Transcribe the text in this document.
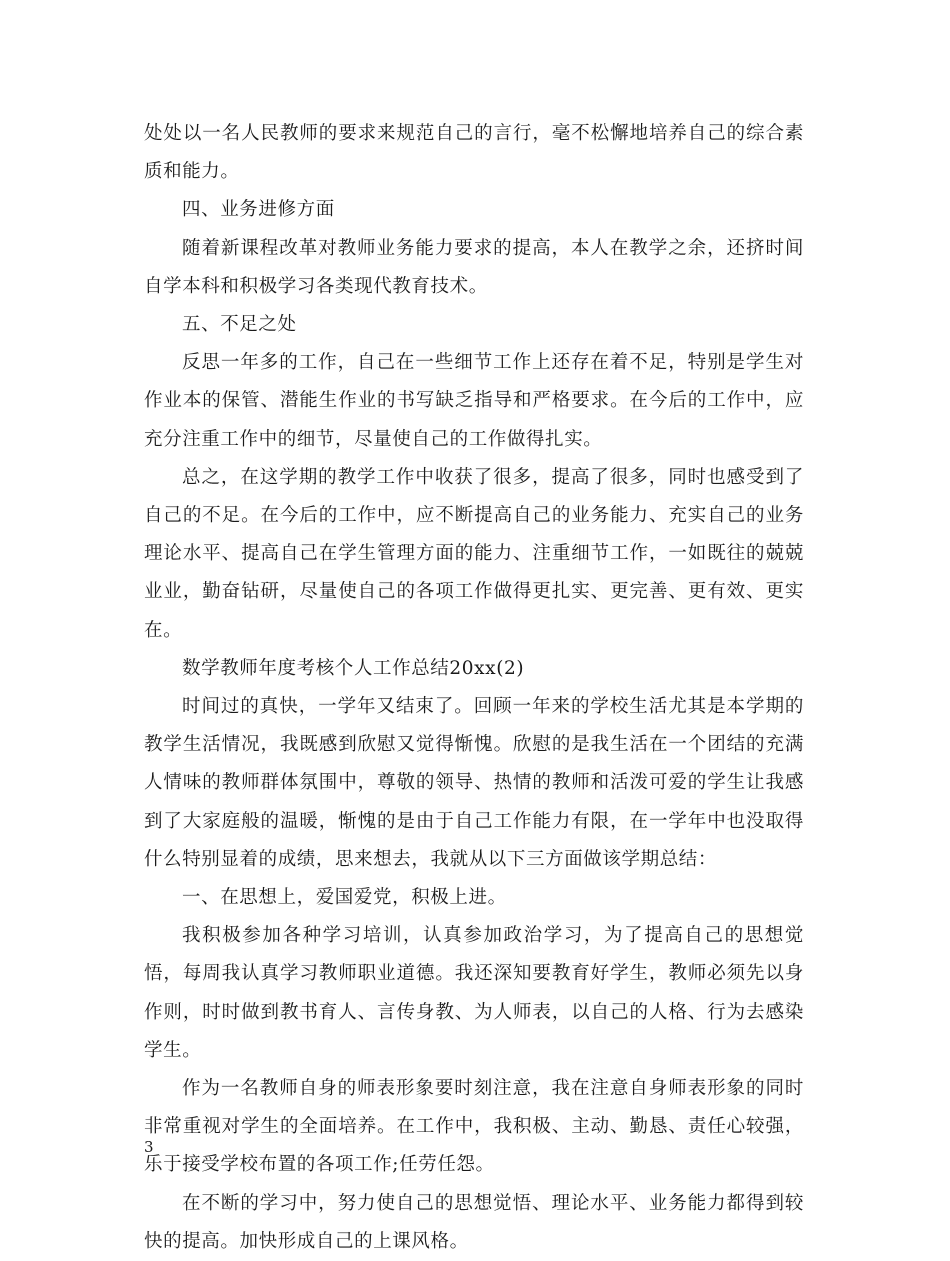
处处以一名人民教师的要求来规范自己的言行，毫不松懈地培养自己的综合素质和能力。

四、业务进修方面

随着新课程改革对教师业务能力要求的提高，本人在教学之余，还挤时间自学本科和积极学习各类现代教育技术。

五、不足之处

反思一年多的工作，自己在一些细节工作上还存在着不足，特别是学生对作业本的保管、潜能生作业的书写缺乏指导和严格要求。在今后的工作中，应充分注重工作中的细节，尽量使自己的工作做得扎实。

总之，在这学期的教学工作中收获了很多，提高了很多，同时也感受到了自己的不足。在今后的工作中，应不断提高自己的业务能力、充实自己的业务理论水平、提高自己在学生管理方面的能力、注重细节工作，一如既往的兢兢业业，勤奋钻研，尽量使自己的各项工作做得更扎实、更完善、更有效、更实在。

数学教师年度考核个人工作总结20xx(2)

时间过的真快，一学年又结束了。回顾一年来的学校生活尤其是本学期的教学生活情况，我既感到欣慰又觉得惭愧。欣慰的是我生活在一个团结的充满人情味的教师群体氛围中，尊敬的领导、热情的教师和活泼可爱的学生让我感到了大家庭般的温暖，惭愧的是由于自己工作能力有限，在一学年中也没取得什么特别显着的成绩，思来想去，我就从以下三方面做该学期总结：

一、在思想上，爱国爱党，积极上进。

我积极参加各种学习培训，认真参加政治学习，为了提高自己的思想觉悟，每周我认真学习教师职业道德。我还深知要教育好学生，教师必须先以身作则，时时做到教书育人、言传身教、为人师表，以自己的人格、行为去感染学生。

作为一名教师自身的师表形象要时刻注意，我在注意自身师表形象的同时非常重视对学生的全面培养。在工作中，我积极、主动、勤恳、责任心较强，乐于接受学校布置的各项工作;任劳任怨。

在不断的学习中，努力使自己的思想觉悟、理论水平、业务能力都得到较快的提高。加快形成自己的上课风格。

3
